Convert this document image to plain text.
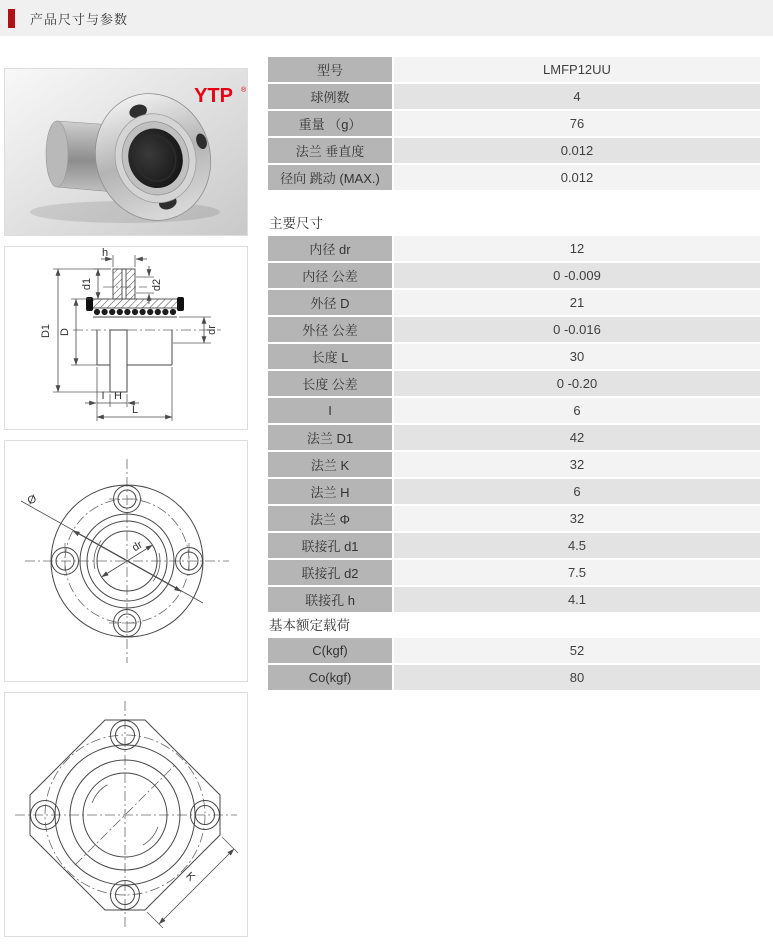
产品尺寸与参数
YTP ®
h
d1	d2
D1 D	dr
I H
L
Ø
dr
K
型号	LMFP12UU
球例数	4
重量 （g）	76
法兰 垂直度	0.012
径向 跳动 (MAX.)	0.012
主要尺寸
内径 dr	12
内径 公差	0 -0.009
外径 D	21
外径 公差	0 -0.016
长度 L	30
长度 公差	0 -0.20
I	6
法兰 D1	42
法兰 K	32
法兰 H	6
法兰 Φ	32
联接孔 d1	4.5
联接孔 d2	7.5
联接孔 h	4.1
基本额定载荷
C(kgf)	52
Co(kgf)	80
